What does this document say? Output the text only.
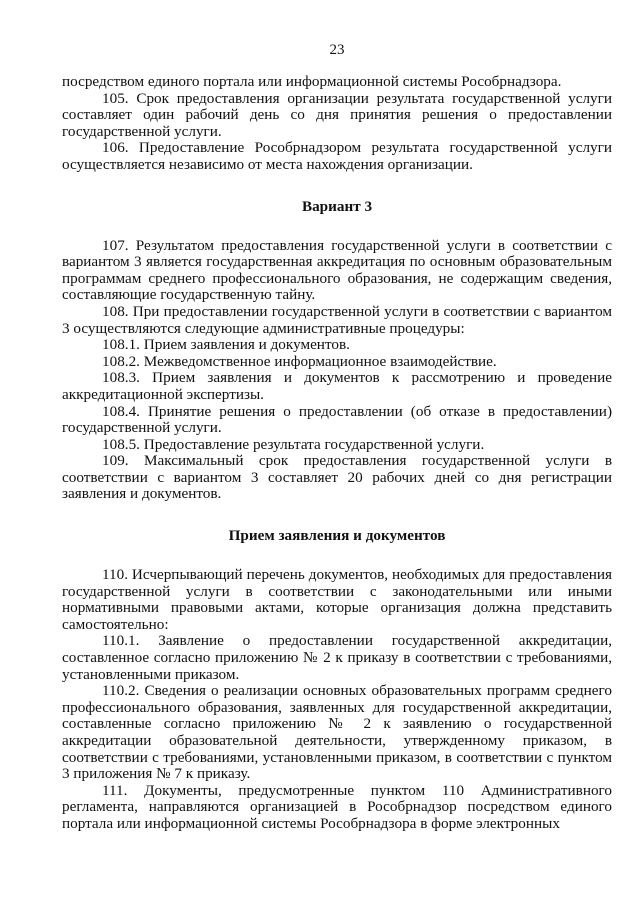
23

посредством единого портала или информационной системы Рособрнадзора.

105. Срок предоставления организации результата государственной услуги составляет один рабочий день со дня принятия решения о предоставлении государственной услуги.

106. Предоставление Рособрнадзором результата государственной услуги осуществляется независимо от места нахождения организации.

Вариант 3

107. Результатом предоставления государственной услуги в соответствии с вариантом 3 является государственная аккредитация по основным образовательным программам среднего профессионального образования, не содержащим сведения, составляющие государственную тайну.

108. При предоставлении государственной услуги в соответствии с вариантом 3 осуществляются следующие административные процедуры:

108.1. Прием заявления и документов.

108.2. Межведомственное информационное взаимодействие.

108.3. Прием заявления и документов к рассмотрению и проведение аккредитационной экспертизы.

108.4. Принятие решения о предоставлении (об отказе в предоставлении) государственной услуги.

108.5. Предоставление результата государственной услуги.

109. Максимальный срок предоставления государственной услуги в соответствии с вариантом 3 составляет 20 рабочих дней со дня регистрации заявления и документов.

Прием заявления и документов

110. Исчерпывающий перечень документов, необходимых для предоставления государственной услуги в соответствии с законодательными или иными нормативными правовыми актами, которые организация должна представить самостоятельно:

110.1. Заявление о предоставлении государственной аккредитации, составленное согласно приложению № 2 к приказу в соответствии с требованиями, установленными приказом.

110.2. Сведения о реализации основных образовательных программ среднего профессионального образования, заявленных для государственной аккредитации, составленные согласно приложению № 2 к заявлению о государственной аккредитации образовательной деятельности, утвержденному приказом, в соответствии с требованиями, установленными приказом, в соответствии с пунктом 3 приложения № 7 к приказу.

111. Документы, предусмотренные пунктом 110 Административного регламента, направляются организацией в Рособрнадзор посредством единого портала или информационной системы Рособрнадзора в форме электронных
